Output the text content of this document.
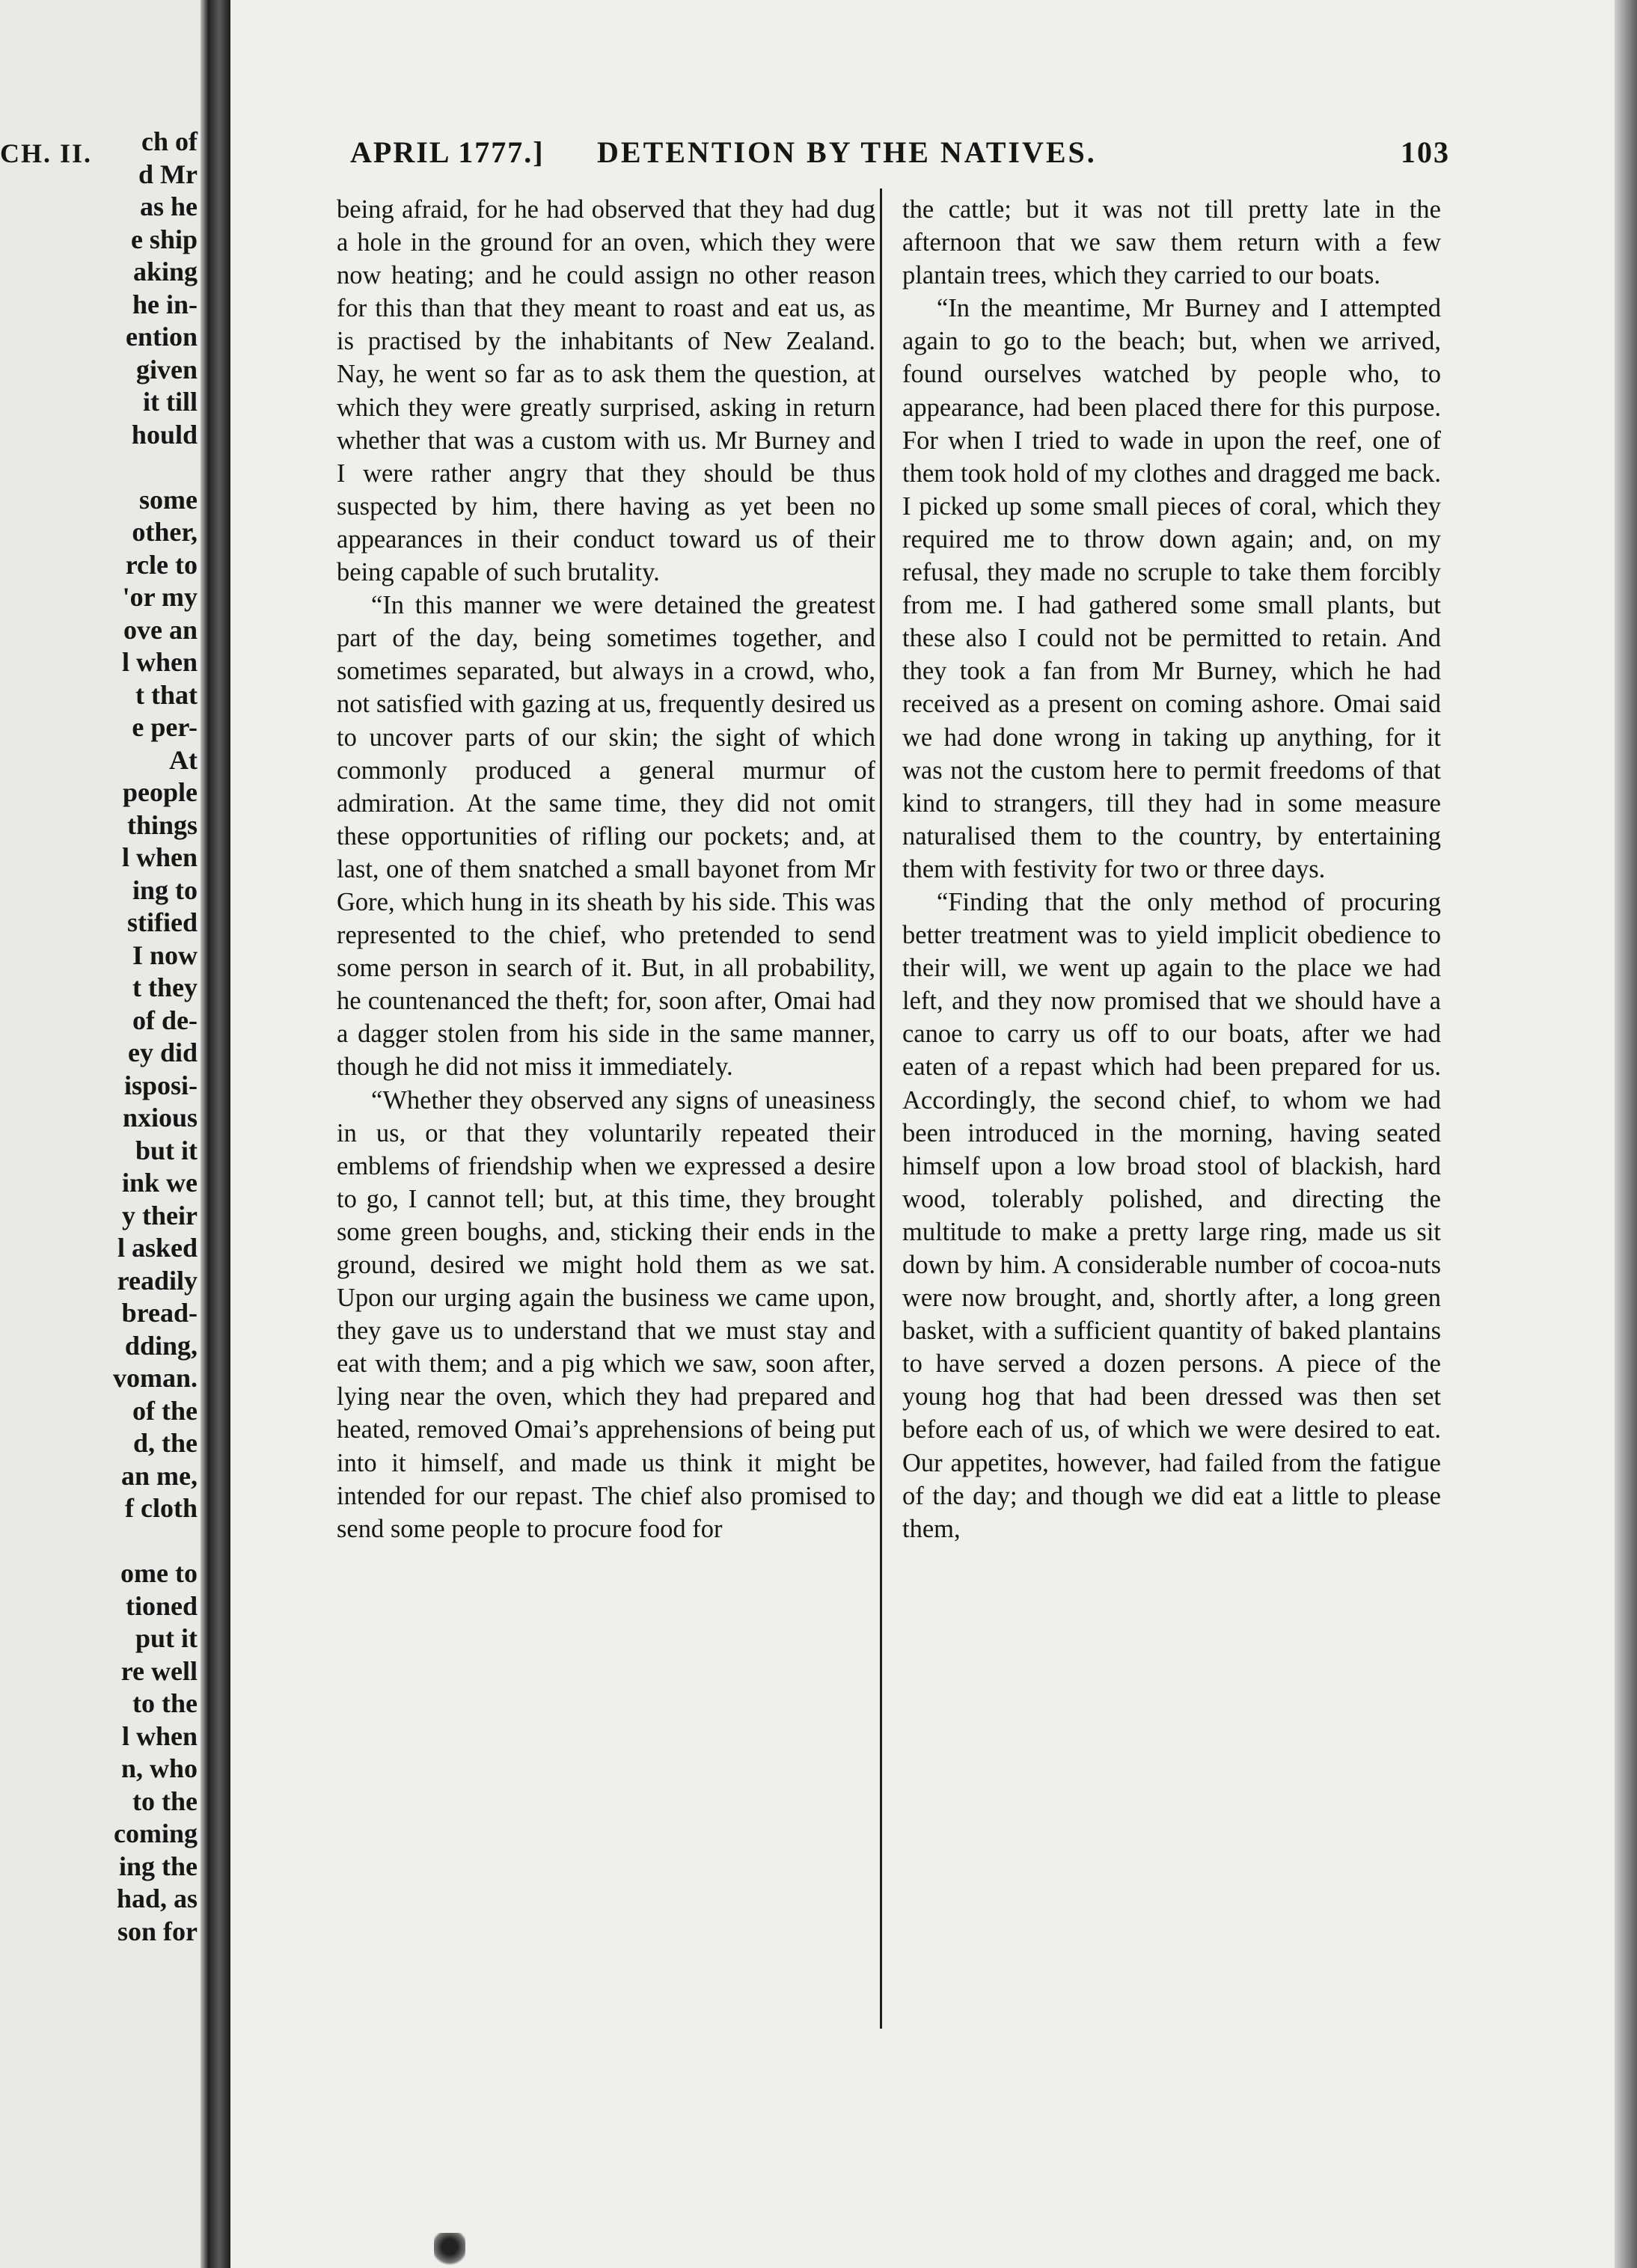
CH. II.	ch of
d Mr
as he
e ship
aking
he in-
ention
given
it till
hould
some
other,
rcle to
'or my
ove an
l when
t that
e per-
At
people
things
l when
ing to
stified
I now
t they
of de-
ey did
isposi-
nxious
but it
ink we
y their
l asked
readily
bread-
dding,
voman.
of the
d, the
an me,
f cloth
ome to
tioned
put it
re well
to the
l when
n, who
to the
coming
ing the
had, as
son for
APRIL 1777.] DETENTION BY THE NATIVES.	103

being afraid, for he had observed that they had dug a hole in the ground for an oven, which they were now heating; and he could assign no other reason for this than that they meant to roast and eat us, as is practised by the inhabitants of New Zealand. Nay, he went so far as to ask them the question, at which they were greatly surprised, asking in return whether that was a custom with us. Mr Burney and I were rather angry that they should be thus suspected by him, there having as yet been no appearances in their conduct toward us of their being capable of such brutality.

“In this manner we were detained the greatest part of the day, being sometimes together, and sometimes separated, but always in a crowd, who, not satisfied with gazing at us, frequently desired us to uncover parts of our skin; the sight of which commonly produced a general murmur of admiration. At the same time, they did not omit these opportunities of rifling our pockets; and, at last, one of them snatched a small bayonet from Mr Gore, which hung in its sheath by his side. This was represented to the chief, who pretended to send some person in search of it. But, in all probability, he countenanced the theft; for, soon after, Omai had a dagger stolen from his side in the same manner, though he did not miss it immediately.

“Whether they observed any signs of uneasiness in us, or that they voluntarily repeated their emblems of friendship when we expressed a desire to go, I cannot tell; but, at this time, they brought some green boughs, and, sticking their ends in the ground, desired we might hold them as we sat. Upon our urging again the business we came upon, they gave us to understand that we must stay and eat with them; and a pig which we saw, soon after, lying near the oven, which they had prepared and heated, removed Omai’s apprehensions of being put into it himself, and made us think it might be intended for our repast. The chief also promised to send some people to procure food for

the cattle; but it was not till pretty late in the afternoon that we saw them return with a few plantain trees, which they carried to our boats.

“In the meantime, Mr Burney and I attempted again to go to the beach; but, when we arrived, found ourselves watched by people who, to appearance, had been placed there for this purpose. For when I tried to wade in upon the reef, one of them took hold of my clothes and dragged me back. I picked up some small pieces of coral, which they required me to throw down again; and, on my refusal, they made no scruple to take them forcibly from me. I had gathered some small plants, but these also I could not be permitted to retain. And they took a fan from Mr Burney, which he had received as a present on coming ashore. Omai said we had done wrong in taking up anything, for it was not the custom here to permit freedoms of that kind to strangers, till they had in some measure naturalised them to the country, by entertaining them with festivity for two or three days.

“Finding that the only method of procuring better treatment was to yield implicit obedience to their will, we went up again to the place we had left, and they now promised that we should have a canoe to carry us off to our boats, after we had eaten of a repast which had been prepared for us. Accordingly, the second chief, to whom we had been introduced in the morning, having seated himself upon a low broad stool of blackish, hard wood, tolerably polished, and directing the multitude to make a pretty large ring, made us sit down by him. A considerable number of cocoa-nuts were now brought, and, shortly after, a long green basket, with a sufficient quantity of baked plantains to have served a dozen persons. A piece of the young hog that had been dressed was then set before each of us, of which we were desired to eat. Our appetites, however, had failed from the fatigue of the day; and though we did eat a little to please them,
